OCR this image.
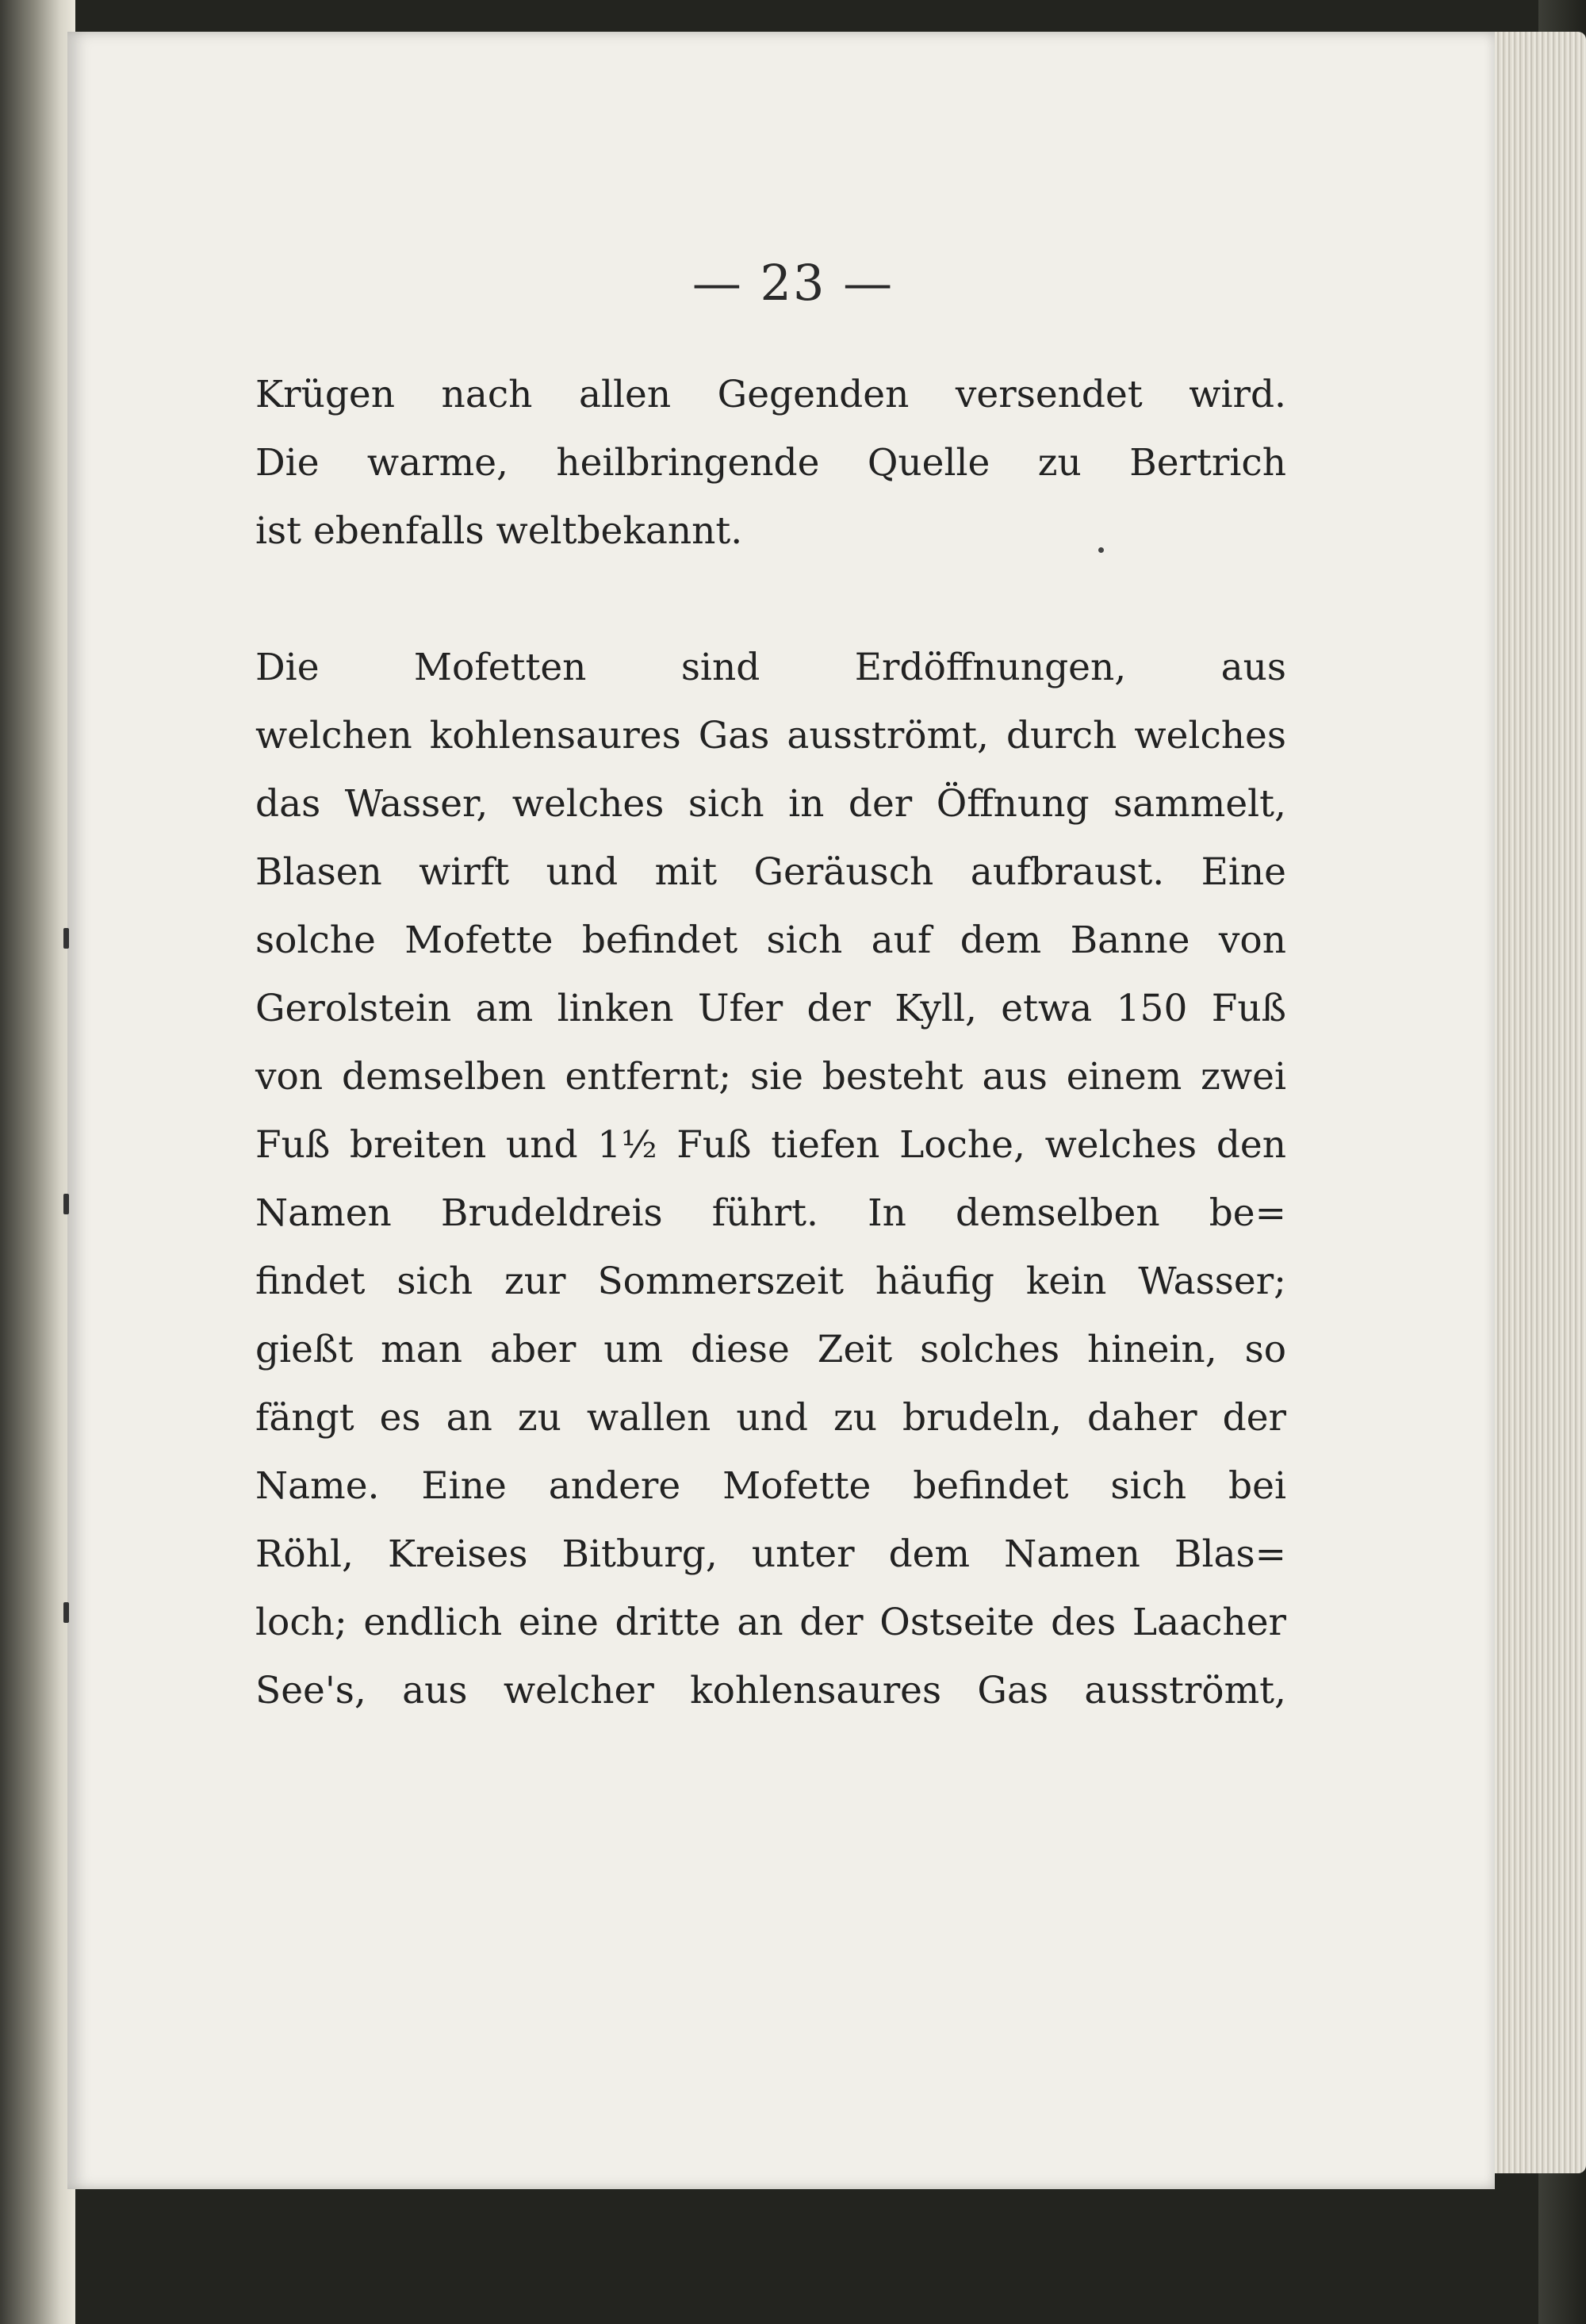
— 23 —
Krügen nach allen Gegenden versendet wird.
Die warme, heilbringende Quelle zu Bertrich
ist ebenfalls weltbekannt.
Die Mofetten sind Erdöffnungen, aus
welchen kohlensaures Gas ausströmt, durch welches
das Wasser, welches sich in der Öffnung sammelt,
Blasen wirft und mit Geräusch aufbraust. Eine
solche Mofette befindet sich auf dem Banne von
Gerolstein am linken Ufer der Kyll, etwa 150 Fuß
von demselben entfernt; sie besteht aus einem zwei
Fuß breiten und 1½ Fuß tiefen Loche, welches den
Namen Brudeldreis führt. In demselben be=
findet sich zur Sommerszeit häufig kein Wasser;
gießt man aber um diese Zeit solches hinein, so
fängt es an zu wallen und zu brudeln, daher der
Name. Eine andere Mofette befindet sich bei
Röhl, Kreises Bitburg, unter dem Namen Blas=
loch; endlich eine dritte an der Ostseite des Laacher
See's, aus welcher kohlensaures Gas ausströmt,
